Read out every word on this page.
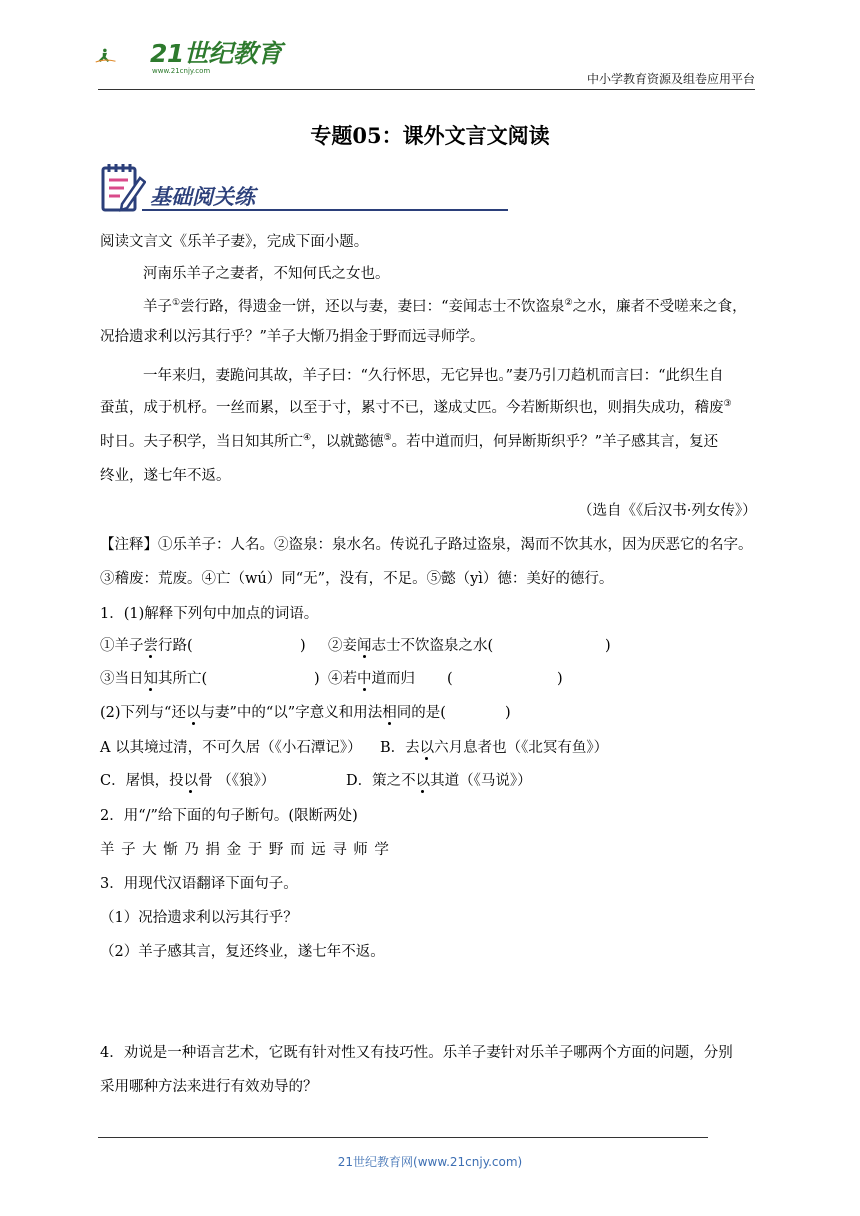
21世纪教育
www.21cnjy.com
中小学教育资源及组卷应用平台
专题05：课外文言文阅读
基础阅关练
阅读文言文《乐羊子妻》，完成下面小题。
河南乐羊子之妻者，不知何氏之女也。
羊子①尝行路，得遗金一饼，还以与妻，妻曰：“妾闻志士不饮盗泉②之水，廉者不受嗟来之食，
况拾遗求利以污其行乎？”羊子大惭乃捐金于野而远寻师学。
一年来归，妻跪问其故，羊子曰：“久行怀思，无它异也。”妻乃引刀趋机而言曰：“此织生自
蚕茧，成于机杼。一丝而累，以至于寸，累寸不已，遂成丈匹。今若断斯织也，则捐失成功，稽废③
时日。夫子积学，当日知其所亡④，以就懿德⑤。若中道而归，何异断斯织乎？”羊子感其言，复还
终业，遂七年不返。
（选自《《后汉书·列女传》）
【注释】①乐羊子：人名。②盗泉：泉水名。传说孔子路过盗泉，渴而不饮其水，因为厌恶它的名字。
③稽废：荒废。④亡（wú）同“无”，没有，不足。⑤懿（yì）德：美好的德行。
1．(1)解释下列句中加点的词语。
①羊子尝行路(	) ②妾闻志士不饮盗泉之水(	)
③当日知其所亡(	) ④若中道而归 (	)
(2)下列与“还以与妻”中的“以”字意义和用法相同的是(	)
A 以其境过清，不可久居（《小石潭记》） B．去以六月息者也（《北冥有鱼》）
C．屠惧，投以骨 （《狼》）	D．策之不以其道（《马说》）
2．用“/”给下面的句子断句。(限断两处)
羊 子 大 惭 乃 捐 金 于 野 而 远 寻 师 学
3．用现代汉语翻译下面句子。
（1）况拾遗求利以污其行乎？
（2）羊子感其言，复还终业，遂七年不返。
4．劝说是一种语言艺术，它既有针对性又有技巧性。乐羊子妻针对乐羊子哪两个方面的问题，分别
采用哪种方法来进行有效劝导的？
21世纪教育网(www.21cnjy.com)
